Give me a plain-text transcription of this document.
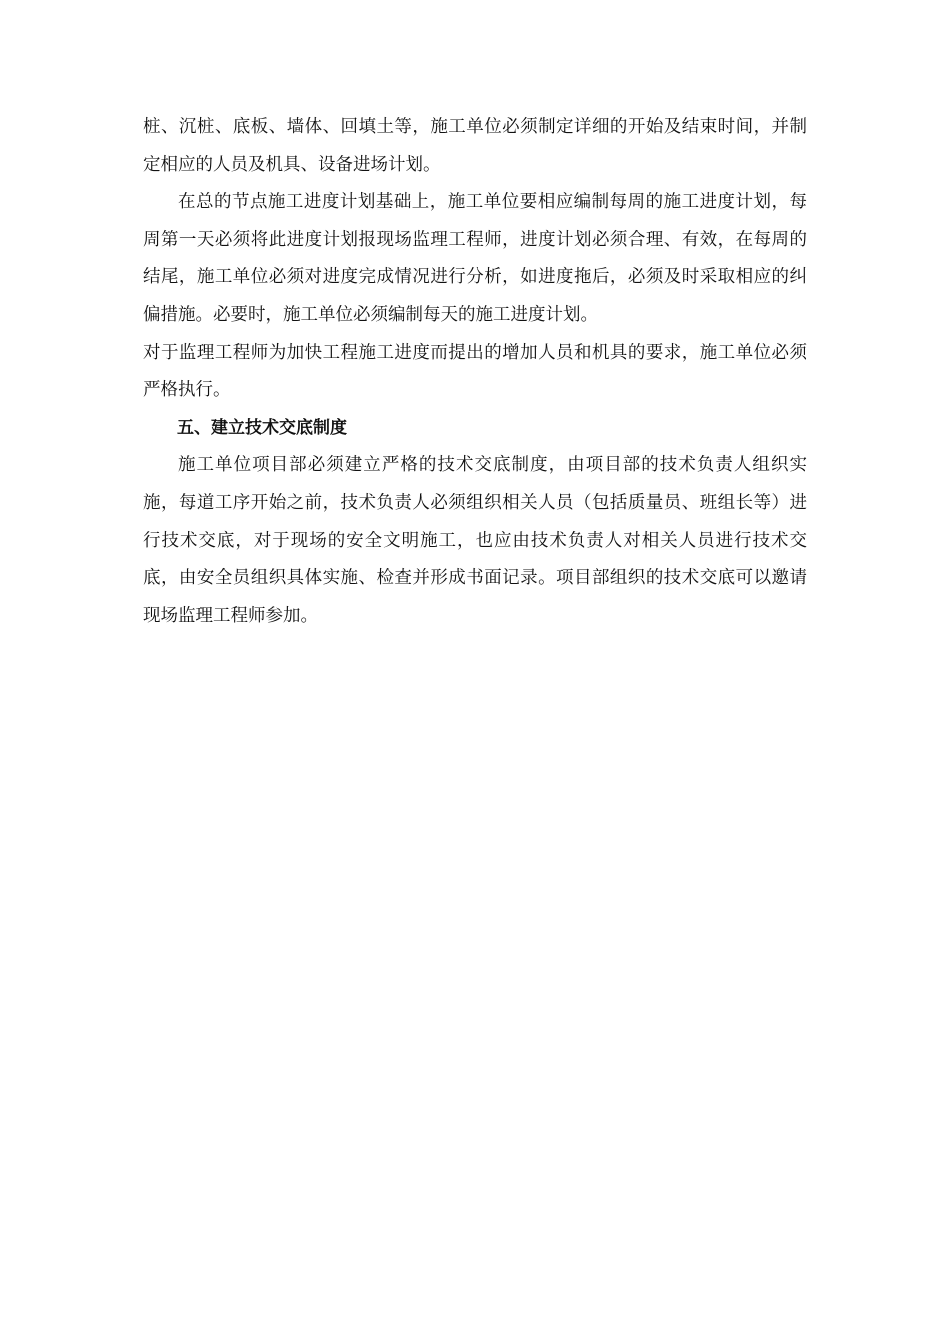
桩、沉桩、底板、墙体、回填土等，施工单位必须制定详细的开始及结束时间，并制定相应的人员及机具、设备进场计划。

在总的节点施工进度计划基础上，施工单位要相应编制每周的施工进度计划，每周第一天必须将此进度计划报现场监理工程师，进度计划必须合理、有效，在每周的结尾，施工单位必须对进度完成情况进行分析，如进度拖后，必须及时采取相应的纠偏措施。必要时，施工单位必须编制每天的施工进度计划。

对于监理工程师为加快工程施工进度而提出的增加人员和机具的要求，施工单位必须严格执行。

五、建立技术交底制度

施工单位项目部必须建立严格的技术交底制度，由项目部的技术负责人组织实施，每道工序开始之前，技术负责人必须组织相关人员（包括质量员、班组长等）进行技术交底，对于现场的安全文明施工，也应由技术负责人对相关人员进行技术交底，由安全员组织具体实施、检查并形成书面记录。项目部组织的技术交底可以邀请现场监理工程师参加。
